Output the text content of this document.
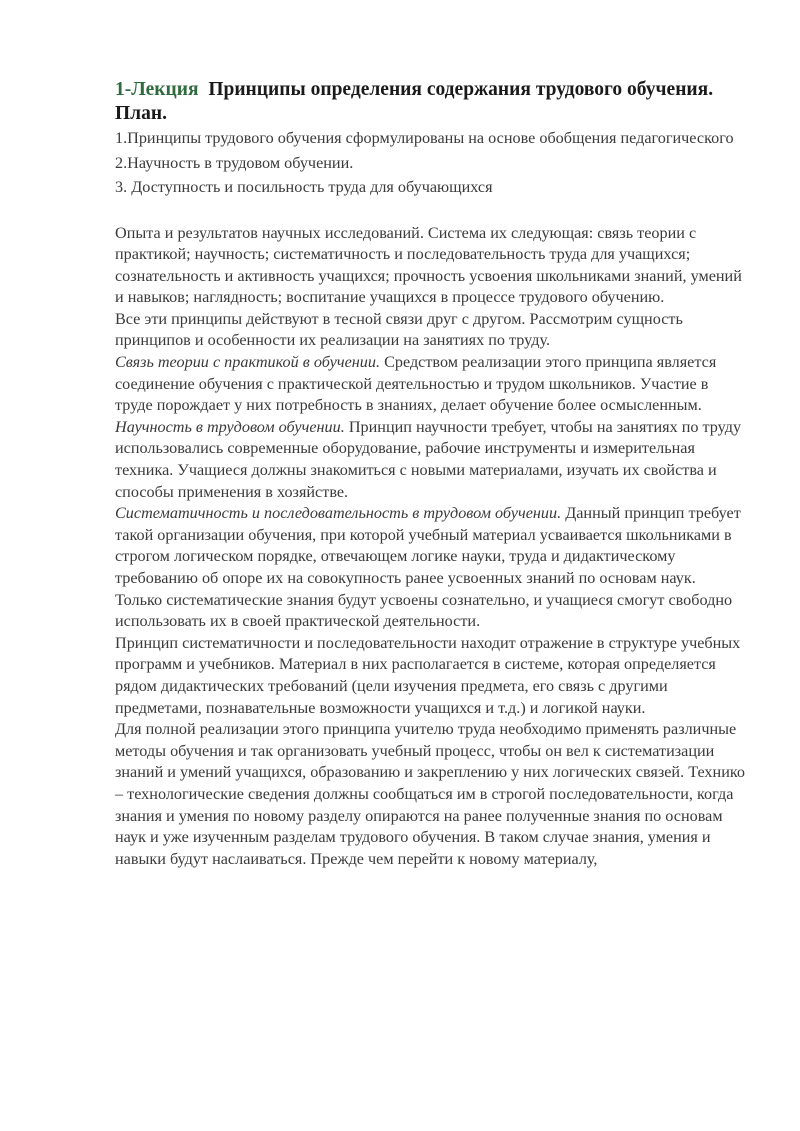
1-Лекция Принципы определения содержания трудового обучения.
План.

1.Принципы трудового обучения сформулированы на основе обобщения педагогического

2.Научность в трудовом обучении.

3. Доступность и посильность труда для обучающихся

Опыта и результатов научных исследований. Система их следующая: связь теории с практикой; научность; систематичность и последовательность труда для учащихся; сознательность и активность учащихся; прочность усвоения школьниками знаний, умений и навыков; наглядность; воспитание учащихся в процессе трудового обучению.

Все эти принципы действуют в тесной связи друг с другом. Рассмотрим сущность принципов и особенности их реализации на занятиях по труду.

Связь теории с практикой в обучении. Средством реализации этого принципа является соединение обучения с практической деятельностью и трудом школьников. Участие в труде порождает у них потребность в знаниях, делает обучение более осмысленным.

Научность в трудовом обучении. Принцип научности требует, чтобы на занятиях по труду использовались современные оборудование, рабочие инструменты и измерительная техника. Учащиеся должны знакомиться с новыми материалами, изучать их свойства и способы применения в хозяйстве.

Систематичность и последовательность в трудовом обучении. Данный принцип требует такой организации обучения, при которой учебный материал усваивается школьниками в строгом логическом порядке, отвечающем логике науки, труда и дидактическому требованию об опоре их на совокупность ранее усвоенных знаний по основам наук. Только систематические знания будут усвоены сознательно, и учащиеся смогут свободно использовать их в своей практической деятельности.

Принцип систематичности и последовательности находит отражение в структуре учебных программ и учебников. Материал в них располагается в системе, которая определяется рядом дидактических требований (цели изучения предмета, его связь с другими предметами, познавательные возможности учащихся и т.д.) и логикой науки.

Для полной реализации этого принципа учителю труда необходимо применять различные методы обучения и так организовать учебный процесс, чтобы он вел к систематизации знаний и умений учащихся, образованию и закреплению у них логических связей. Технико – технологические сведения должны сообщаться им в строгой последовательности, когда знания и умения по новому разделу опираются на ранее полученные знания по основам наук и уже изученным разделам трудового обучения. В таком случае знания, умения и навыки будут наслаиваться. Прежде чем перейти к новому материалу,
